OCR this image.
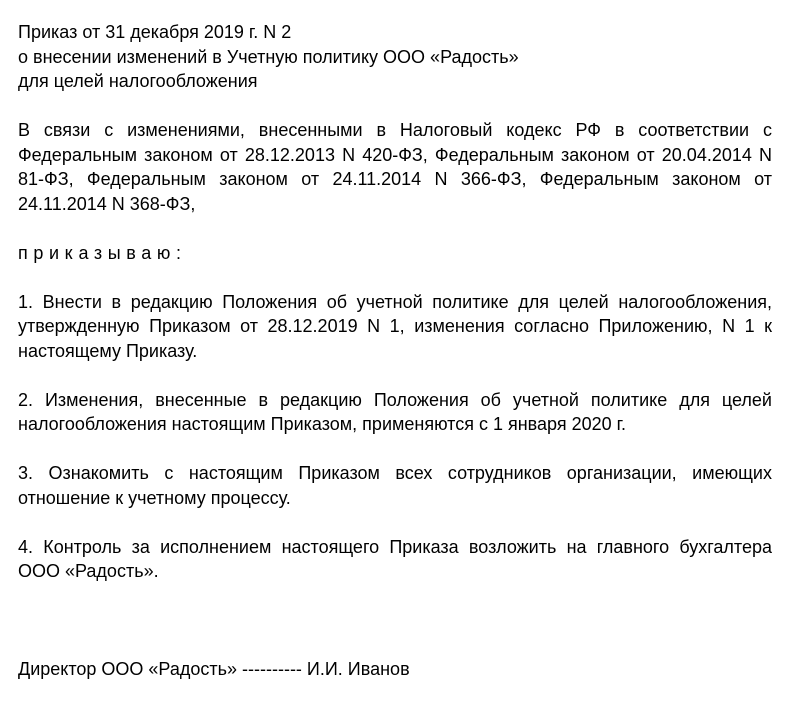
Приказ от 31 декабря 2019 г. N 2
о внесении изменений в Учетную политику ООО «Радость»
для целей налогообложения

В связи с изменениями, внесенными в Налоговый кодекс РФ в соответствии с Федеральным законом от 28.12.2013 N 420-ФЗ, Федеральным законом от 20.04.2014 N 81-ФЗ, Федеральным законом от 24.11.2014 N 366-ФЗ, Федеральным законом от 24.11.2014 N 368-ФЗ,

приказываю:

1. Внести в редакцию Положения об учетной политике для целей налогообложения, утвержденную Приказом от 28.12.2019 N 1, изменения согласно Приложению, N 1 к настоящему Приказу.

2. Изменения, внесенные в редакцию Положения об учетной политике для целей налогообложения настоящим Приказом, применяются с 1 января 2020 г.

3. Ознакомить с настоящим Приказом всех сотрудников организации, имеющих отношение к учетному процессу.

4. Контроль за исполнением настоящего Приказа возложить на главного бухгалтера ООО «Радость».

Директор ООО «Радость» ---------- И.И. Иванов
